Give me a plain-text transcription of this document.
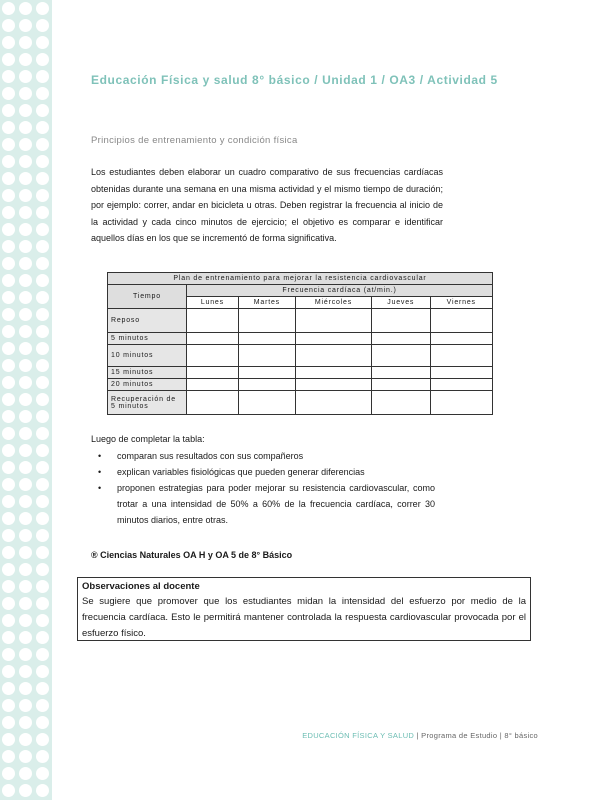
Educación Física y salud 8° básico / Unidad 1 / OA3 / Actividad 5
Principios de entrenamiento y condición física
Los estudiantes deben elaborar un cuadro comparativo de sus frecuencias cardíacas obtenidas durante una semana en una misma actividad y el mismo tiempo de duración; por ejemplo: correr, andar en bicicleta u otras. Deben registrar la frecuencia al inicio de la actividad y cada cinco minutos de ejercicio; el objetivo es comparar e identificar aquellos días en los que se incrementó de forma significativa.
Plan de entrenamiento para mejorar la resistencia cardiovascular					
Tiempo	Frecuencia cardíaca (at/min.)				
	Lunes	Martes	Miércoles	Jueves	Viernes
Reposo					
5 minutos					
10 minutos					
15 minutos					
20 minutos					
Recuperación de 5 minutos					
Luego de completar la tabla:
• comparan sus resultados con sus compañeros
• explican variables fisiológicas que pueden generar diferencias
• proponen estrategias para poder mejorar su resistencia cardiovascular, como trotar a una intensidad de 50% a 60% de la frecuencia cardíaca, correr 30 minutos diarios, entre otras.
® Ciencias Naturales OA H y OA 5 de 8° Básico
Observaciones al docente
Se sugiere que promover que los estudiantes midan la intensidad del esfuerzo por medio de la frecuencia cardíaca. Esto le permitirá mantener controlada la respuesta cardiovascular provocada por el esfuerzo físico.
EDUCACIÓN FÍSICA Y SALUD | Programa de Estudio | 8° básico
